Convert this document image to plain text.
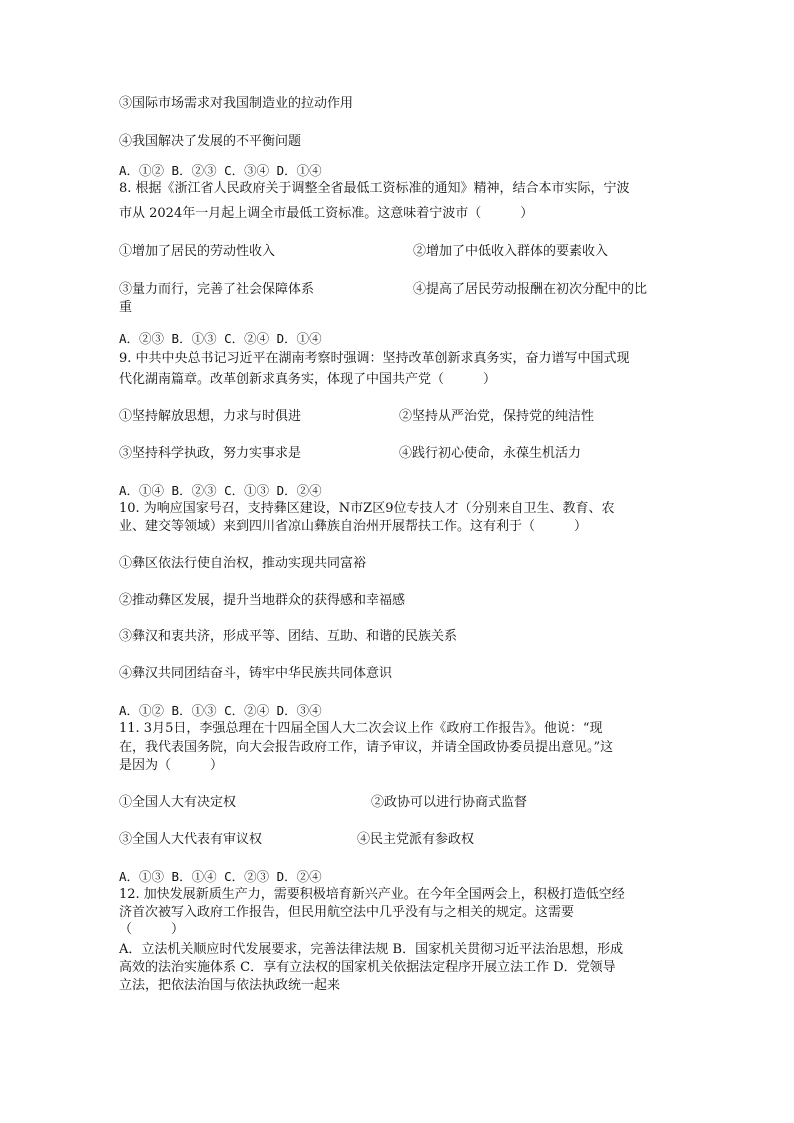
③国际市场需求对我国制造业的拉动作用
④我国解决了发展的不平衡问题
A．①② B．②③ C．③④ D．①④
8. 根据《浙江省人民政府关于调整全省最低工资标准的通知》精神，结合本市实际，宁波
市从 2024年一月起上调全市最低工资标准。这意味着宁波市（　　　）

①增加了居民的劳动性收入

	②增加了中低收入群体的要素收入

③量力而行，完善了社会保障体系

	④提高了居民劳动报酬在初次分配中的比

重
A．②③ B．①③ C．②④ D．①④
9. 中共中央总书记习近平在湖南考察时强调：坚持改革创新求真务实，奋力谱写中国式现
代化湖南篇章。改革创新求真务实，体现了中国共产党（　　　）

①坚持解放思想，力求与时俱进

	②坚持从严治党，保持党的纯洁性

③坚持科学执政，努力实事求是

	④践行初心使命，永葆生机活力

A．①④ B．②③ C．①③ D．②④
10. 为响应国家号召，支持彝区建设，N市Z区9位专技人才（分别来自卫生、教育、农
业、建交等领域）来到四川省凉山彝族自治州开展帮扶工作。这有利于（　　　）
①彝区依法行使自治权，推动实现共同富裕
②推动彝区发展，提升当地群众的获得感和幸福感
③彝汉和衷共济，形成平等、团结、互助、和谐的民族关系
④彝汉共同团结奋斗，铸牢中华民族共同体意识
A．①② B．①③ C．②④ D．③④
11. 3月5日，李强总理在十四届全国人大二次会议上作《政府工作报告》。他说：“现
在，我代表国务院，向大会报告政府工作，请予审议，并请全国政协委员提出意见。”这
是因为（　　　）

①全国人大有决定权

	②政协可以进行协商式监督

③全国人大代表有审议权

	④民主党派有参政权

A．①③ B．①④ C．②③ D．②④
12. 加快发展新质生产力，需要积极培育新兴产业。在今年全国两会上，积极打造低空经
济首次被写入政府工作报告，但民用航空法中几乎没有与之相关的规定。这需要
（　　　）
A．立法机关顺应时代发展要求，完善法律法规 B．国家机关贯彻习近平法治思想，形成
高效的法治实施体系 C．享有立法权的国家机关依据法定程序开展立法工作 D．党领导
立法，把依法治国与依法执政统一起来
